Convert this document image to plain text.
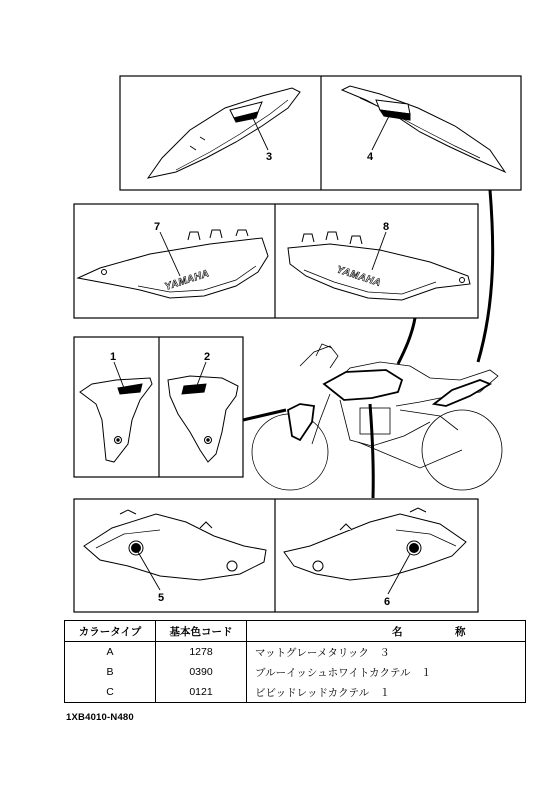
YAMAHA	YAMAHA
3	4
7	8
1	2
5	6
カラータイプ	基本色コード	名 称
A	1278	マットグレーメタリック　３
B	0390	ブルーイッシュホワイトカクテル　１
C	0121	ビビッドレッドカクテル　１
1XB4010-N480
